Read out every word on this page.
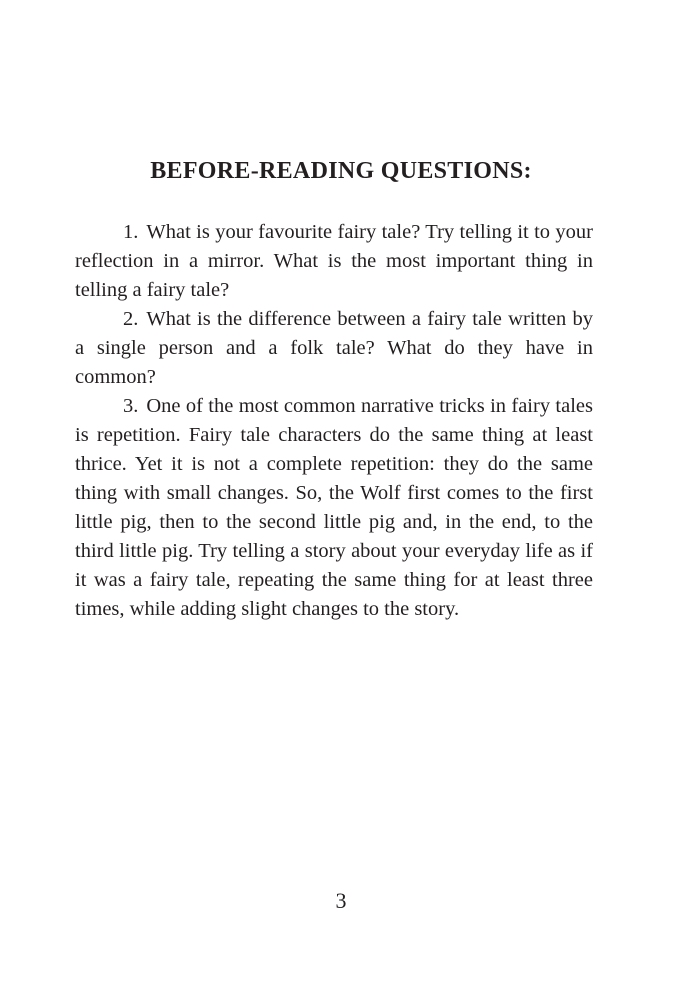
BEFORE-READING QUESTIONS:
1. What is your favourite fairy tale? Try telling it to your reflection in a mirror. What is the most important thing in telling a fairy tale?
2. What is the difference between a fairy tale written by a single person and a folk tale? What do they have in common?
3. One of the most common narrative tricks in fairy tales is repetition. Fairy tale characters do the same thing at least thrice. Yet it is not a complete repetition: they do the same thing with small changes. So, the Wolf first comes to the first little pig, then to the second little pig and, in the end, to the third little pig. Try telling a story about your everyday life as if it was a fairy tale, repeating the same thing for at least three times, while adding slight changes to the story.
3
